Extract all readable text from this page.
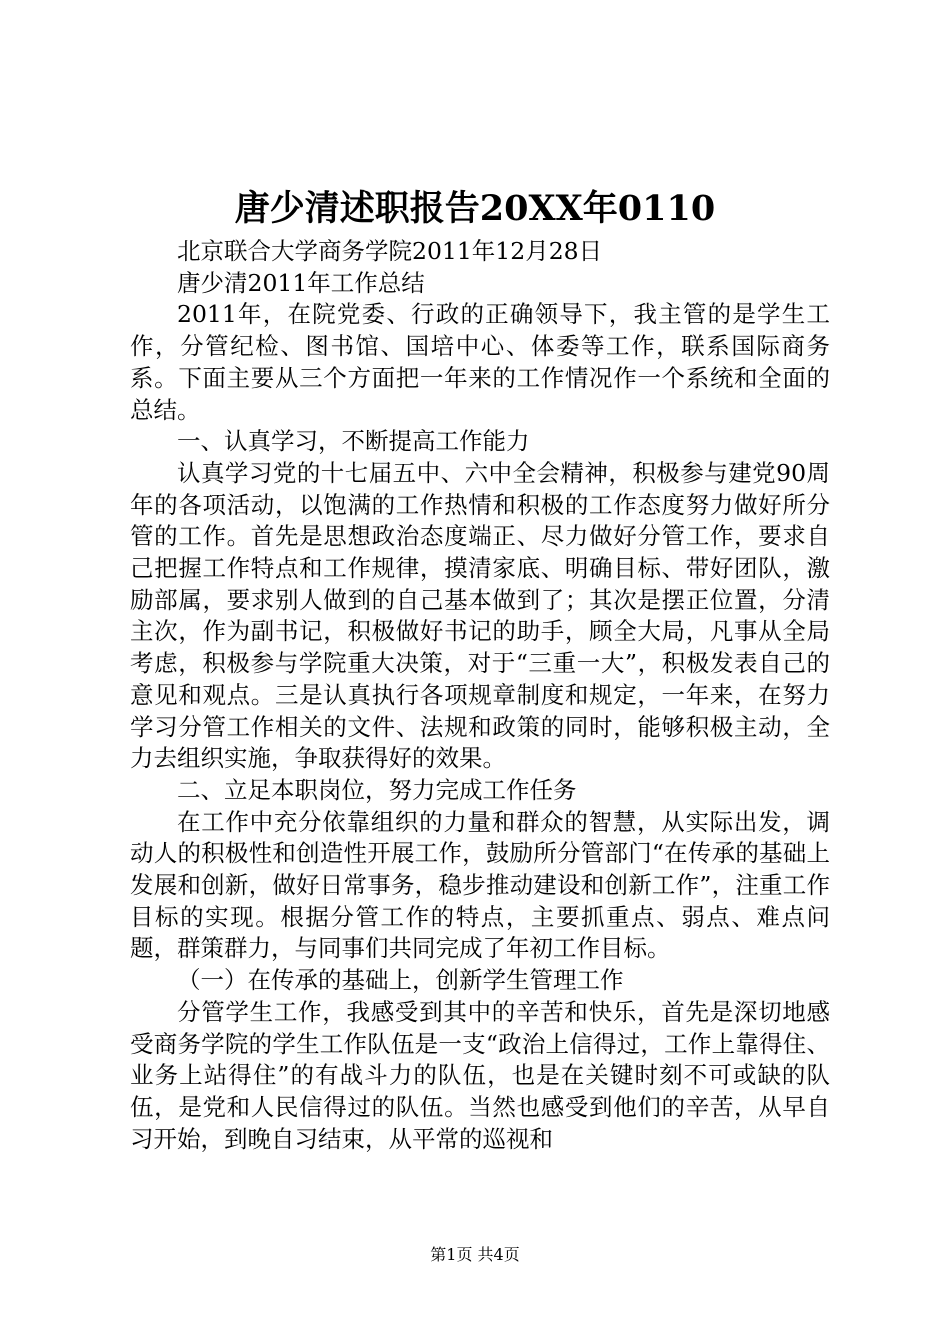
唐少清述职报告20XX年0110

北京联合大学商务学院2011年12月28日

唐少清2011年工作总结

2011年，在院党委、行政的正确领导下，我主管的是学生工作，分管纪检、图书馆、国培中心、体委等工作，联系国际商务系。下面主要从三个方面把一年来的工作情况作一个系统和全面的总结。

一、认真学习，不断提高工作能力

认真学习党的十七届五中、六中全会精神，积极参与建党90周年的各项活动，以饱满的工作热情和积极的工作态度努力做好所分管的工作。首先是思想政治态度端正、尽力做好分管工作，要求自己把握工作特点和工作规律，摸清家底、明确目标、带好团队，激励部属，要求别人做到的自己基本做到了；其次是摆正位置，分清主次，作为副书记，积极做好书记的助手，顾全大局，凡事从全局考虑，积极参与学院重大决策，对于“三重一大”，积极发表自己的意见和观点。三是认真执行各项规章制度和规定，一年来，在努力学习分管工作相关的文件、法规和政策的同时，能够积极主动，全力去组织实施，争取获得好的效果。

二、立足本职岗位，努力完成工作任务

在工作中充分依靠组织的力量和群众的智慧，从实际出发，调动人的积极性和创造性开展工作，鼓励所分管部门“在传承的基础上发展和创新，做好日常事务，稳步推动建设和创新工作”，注重工作目标的实现。根据分管工作的特点，主要抓重点、弱点、难点问题，群策群力，与同事们共同完成了年初工作目标。

（一）在传承的基础上，创新学生管理工作

分管学生工作，我感受到其中的辛苦和快乐，首先是深切地感受商务学院的学生工作队伍是一支“政治上信得过，工作上靠得住、业务上站得住”的有战斗力的队伍，也是在关键时刻不可或缺的队伍，是党和人民信得过的队伍。当然也感受到他们的辛苦，从早自习开始，到晚自习结束，从平常的巡视和

第1页 共4页
